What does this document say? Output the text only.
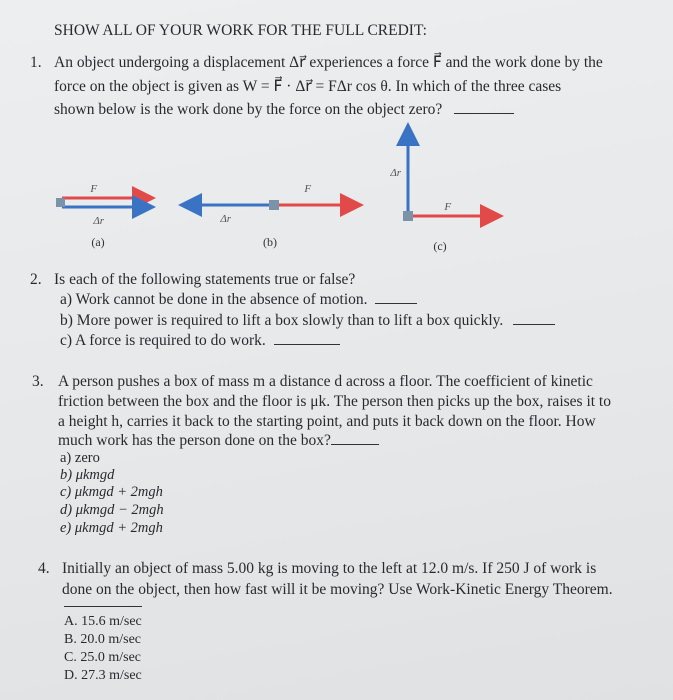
SHOW ALL OF YOUR WORK FOR THE FULL CREDIT:
1. An object undergoing a displacement Δr⃗ experiences a force F⃗ and the work done by the
force on the object is given as W = F⃗ · Δr⃗ = FΔr cos θ. In which of the three cases
shown below is the work done by the force on the object zero?
F⃗
Δr⃗
F⃗
Δr⃗
Δr⃗
F⃗
(a)	(b)	(c)
2. Is each of the following statements true or false?
a) Work cannot be done in the absence of motion.
b) More power is required to lift a box slowly than to lift a box quickly.
c) A force is required to do work.
3. A person pushes a box of mass m a distance d across a floor. The coefficient of kinetic
friction between the box and the floor is μk. The person then picks up the box, raises it to
a height h, carries it back to the starting point, and puts it back down on the floor. How
much work has the person done on the box?
a) zero
b) μkmgd
c) μkmgd + 2mgh
d) μkmgd − 2mgh
e) μkmgd + 2mgh
4. Initially an object of mass 5.00 kg is moving to the left at 12.0 m/s. If 250 J of work is
done on the object, then how fast will it be moving? Use Work-Kinetic Energy Theorem.
A. 15.6 m/sec
B. 20.0 m/sec
C. 25.0 m/sec
D. 27.3 m/sec
